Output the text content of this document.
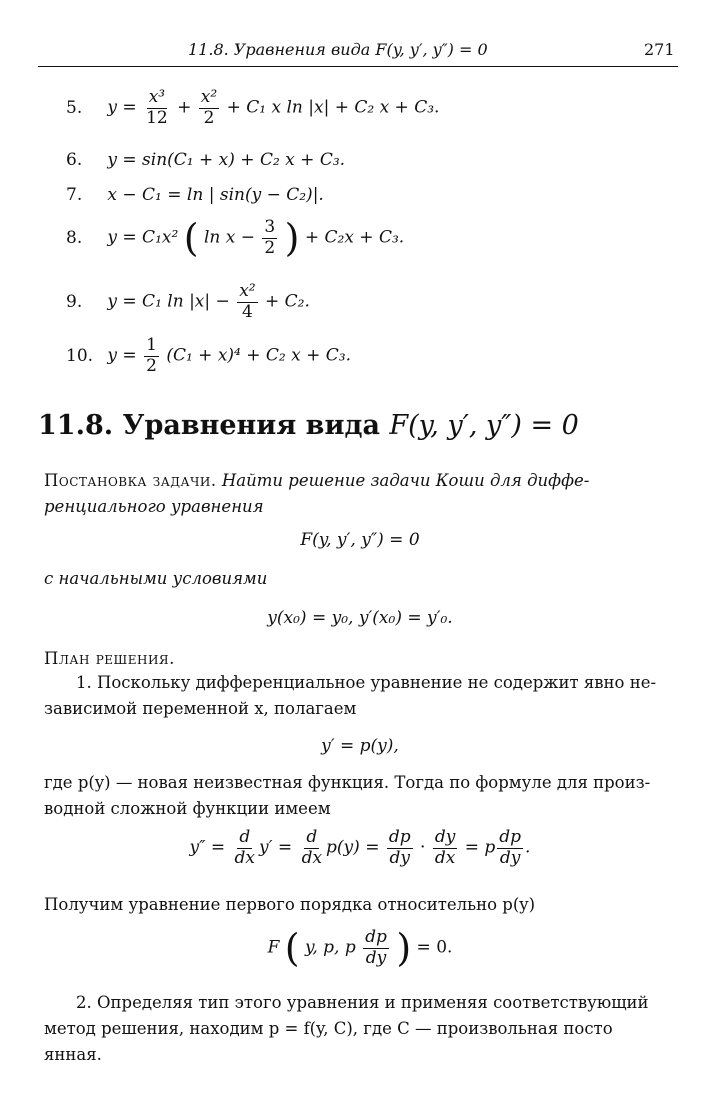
11.8. Уравнения вида F(y, y′, y″) = 0	271
5. $y = \frac{\text{x³}}{12} + \frac{\text{x²}}{2} + C_1$ x ln |x| + C₂ x + C₃.
6. y = sin(C₁ + x) + C₂ x + C₃.
7. x − C₁ = ln | sin(y − C₂)|.
8. y = C₁x² ( $\ln x - \frac{3}{2}$ ) + C₂x + C₃.
9. y = C₁ $\ln |x| - \frac{\text{x²}}{4} + C_2$.
10. $y = \frac{1}{2} (C_1 + x)^4 + C_2$ x + C₃.
11.8. Уравнения вида F(y, y′, y″) = 0
Постановка задачи. Найти решение задачи Коши для диффе-
ренциального уравнения
F(y, y′, y″) = 0
с начальными условиями
y(x₀) = y₀, y′(x₀) = y′₀.
План решения.
1. Поскольку дифференциальное уравнение не содержит явно не-
зависимой переменной x, полагаем
y′ = p(y),
где p(y) — новая неизвестная функция. Тогда по формуле для произ-
водной сложной функции имеем
$y'' = \frac{d}{dx} y' = \frac{d}{dx} p(y) = \frac{dp}{dy} \cdot \frac{dy}{dx} = p \frac{dp}{dy}$ .
Получим уравнение первого порядка относительно p(y)
F ( y, p, p $\frac{dp}{dy}$ ) = 0.
2. Определяя тип этого уравнения и применяя соответствующий
метод решения, находим p = f(y, C), где C — произвольная посто
янная.
